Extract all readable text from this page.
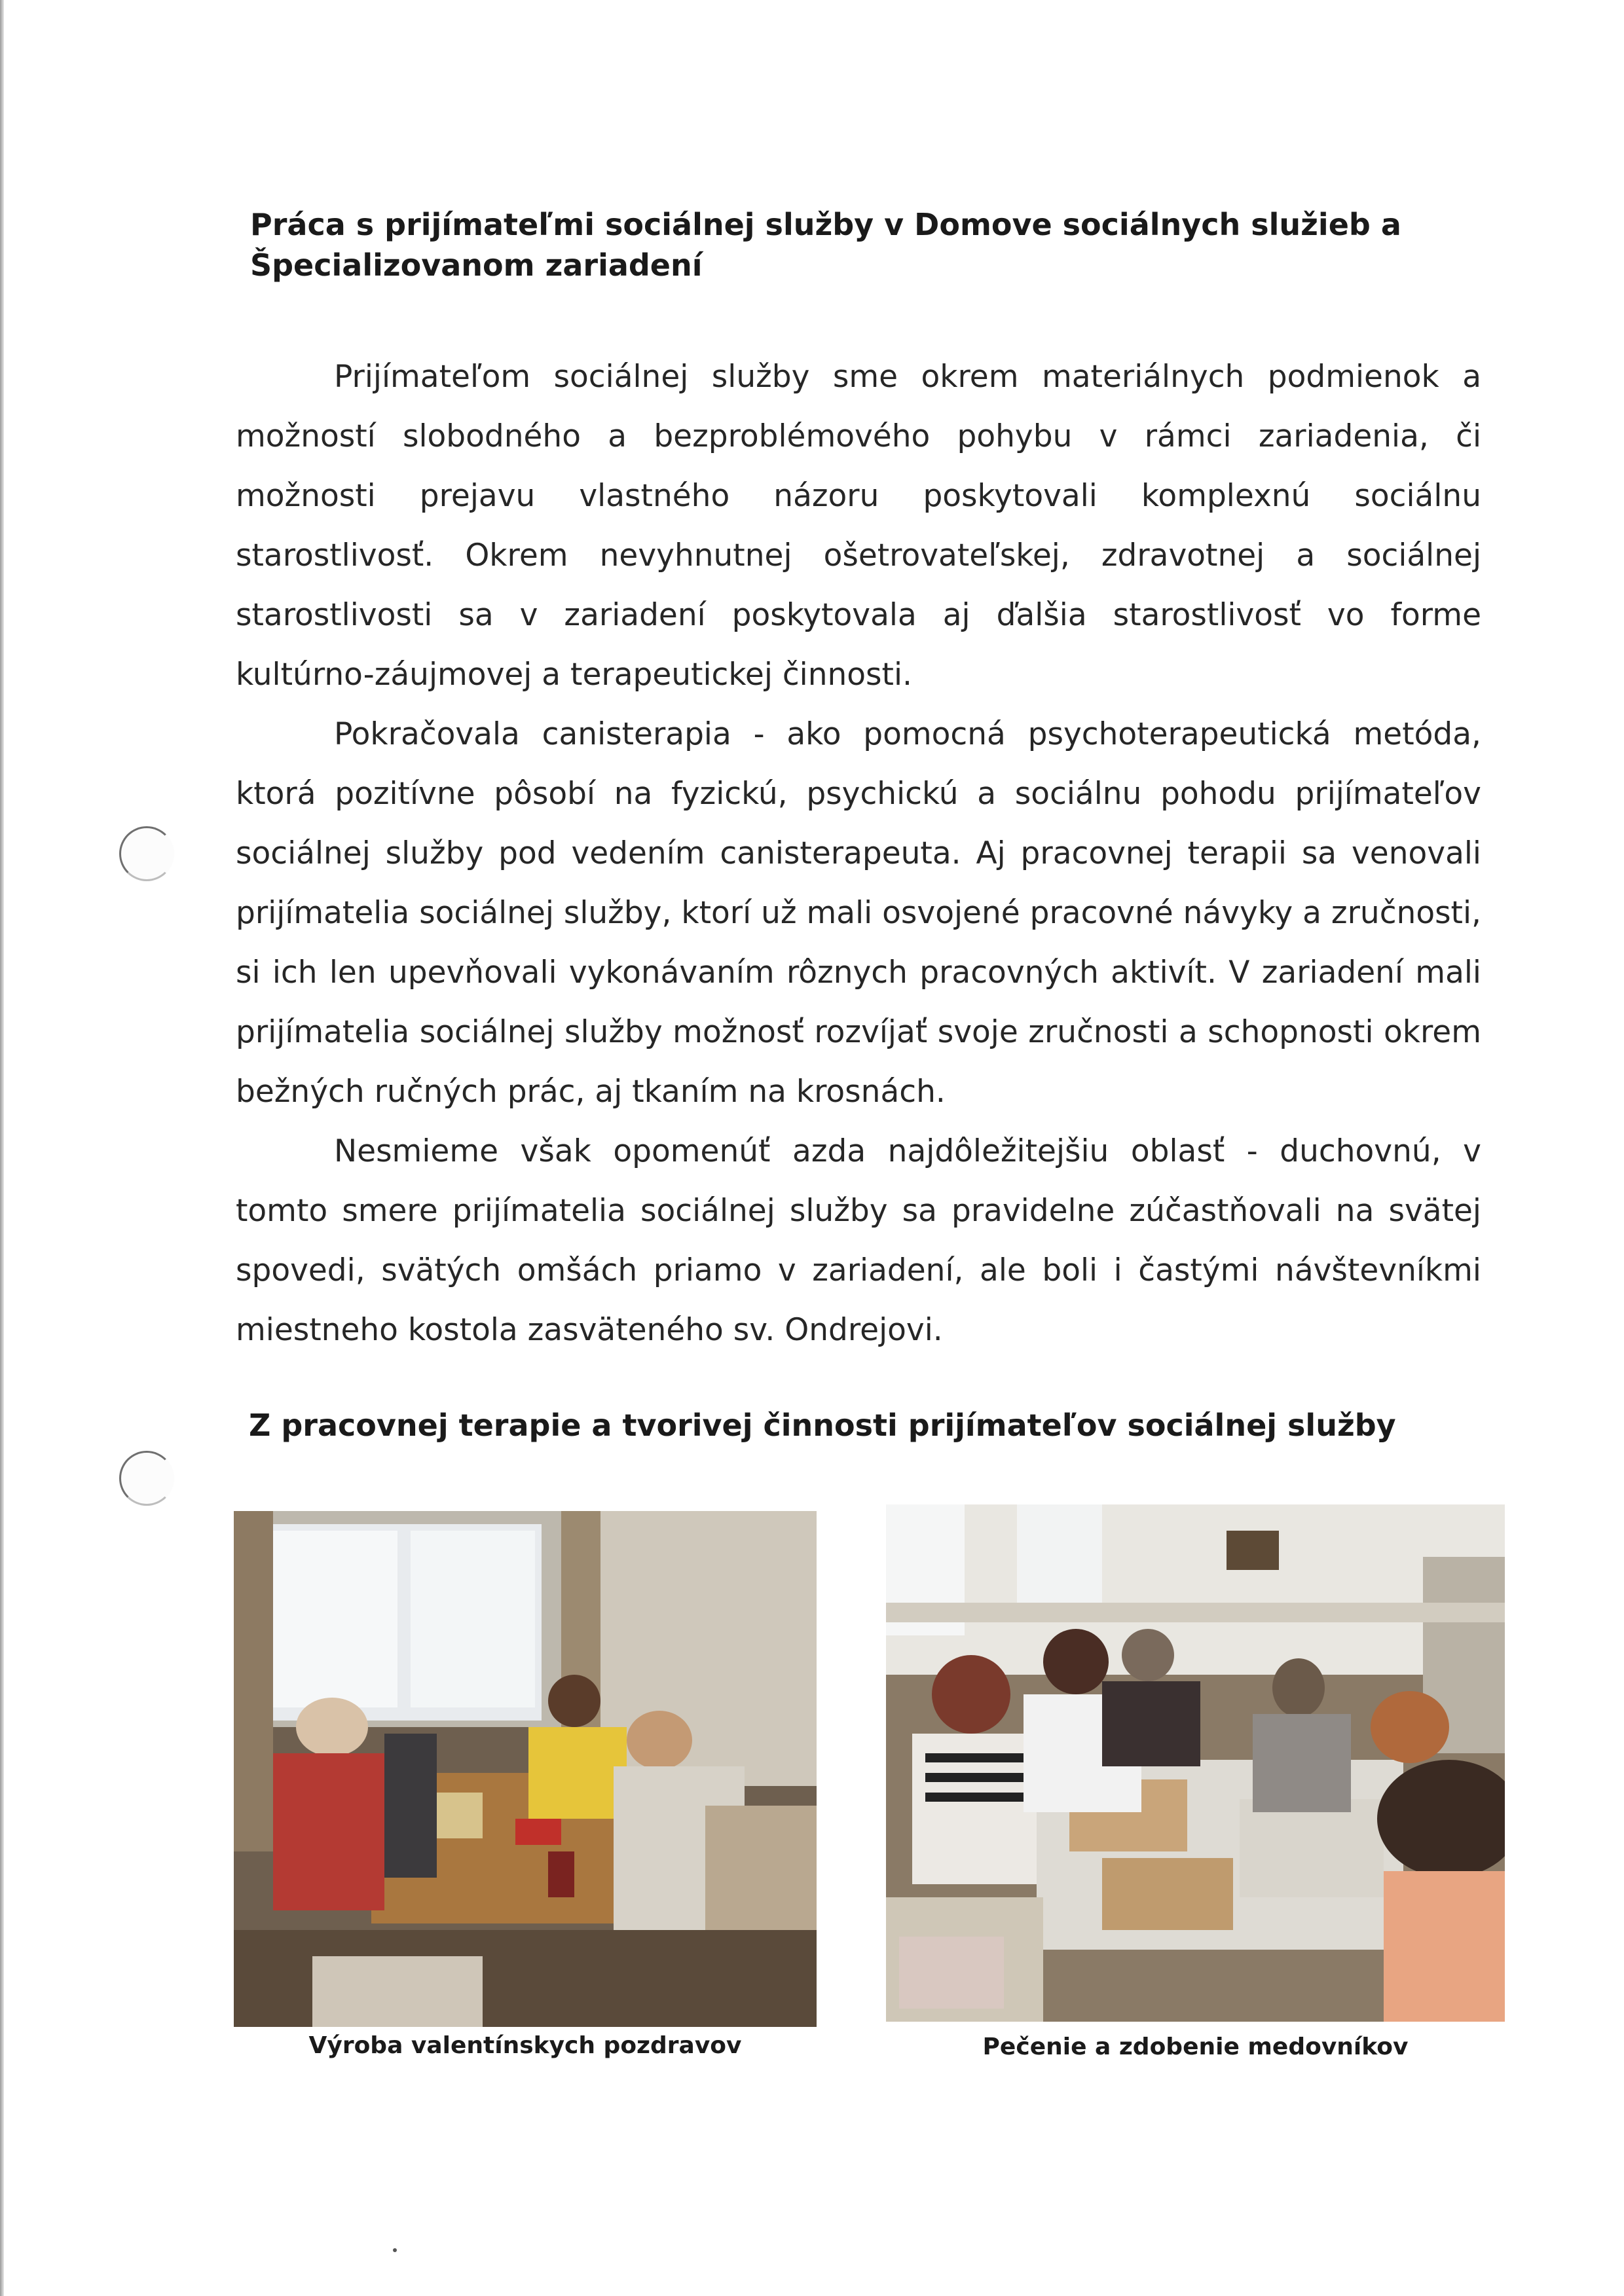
Práca s prijímateľmi sociálnej služby v Domove sociálnych služieb a Špecializovanom zariadení

Prijímateľom sociálnej služby sme okrem materiálnych podmienok a možností slobodného a bezproblémového pohybu v rámci zariadenia, či možnosti prejavu vlastného názoru poskytovali komplexnú sociálnu starostlivosť. Okrem nevyhnutnej ošetrovateľskej, zdravotnej a sociálnej starostlivosti sa v zariadení poskytovala aj ďalšia starostlivosť vo forme kultúrno-záujmovej a terapeutickej činnosti.

Pokračovala canisterapia - ako pomocná psychoterapeutická metóda, ktorá pozitívne pôsobí na fyzickú, psychickú a sociálnu pohodu prijímateľov sociálnej služby pod vedením canisterapeuta. Aj pracovnej terapii sa venovali prijímatelia sociálnej služby, ktorí už mali osvojené pracovné návyky a zručnosti, si ich len upevňovali vykonávaním rôznych pracovných aktivít. V zariadení mali prijímatelia sociálnej služby možnosť rozvíjať svoje zručnosti a schopnosti okrem bežných ručných prác, aj tkaním na krosnách.

Nesmieme však opomenúť azda najdôležitejšiu oblasť - duchovnú, v tomto smere prijímatelia sociálnej služby sa pravidelne zúčastňovali na svätej spovedi, svätých omšách priamo v zariadení, ale boli i častými návštevníkmi miestneho kostola zasväteného sv. Ondrejovi.

Z pracovnej terapie a tvorivej činnosti prijímateľov sociálnej služby

Výroba valentínskych pozdravov	Pečenie a zdobenie medovníkov
